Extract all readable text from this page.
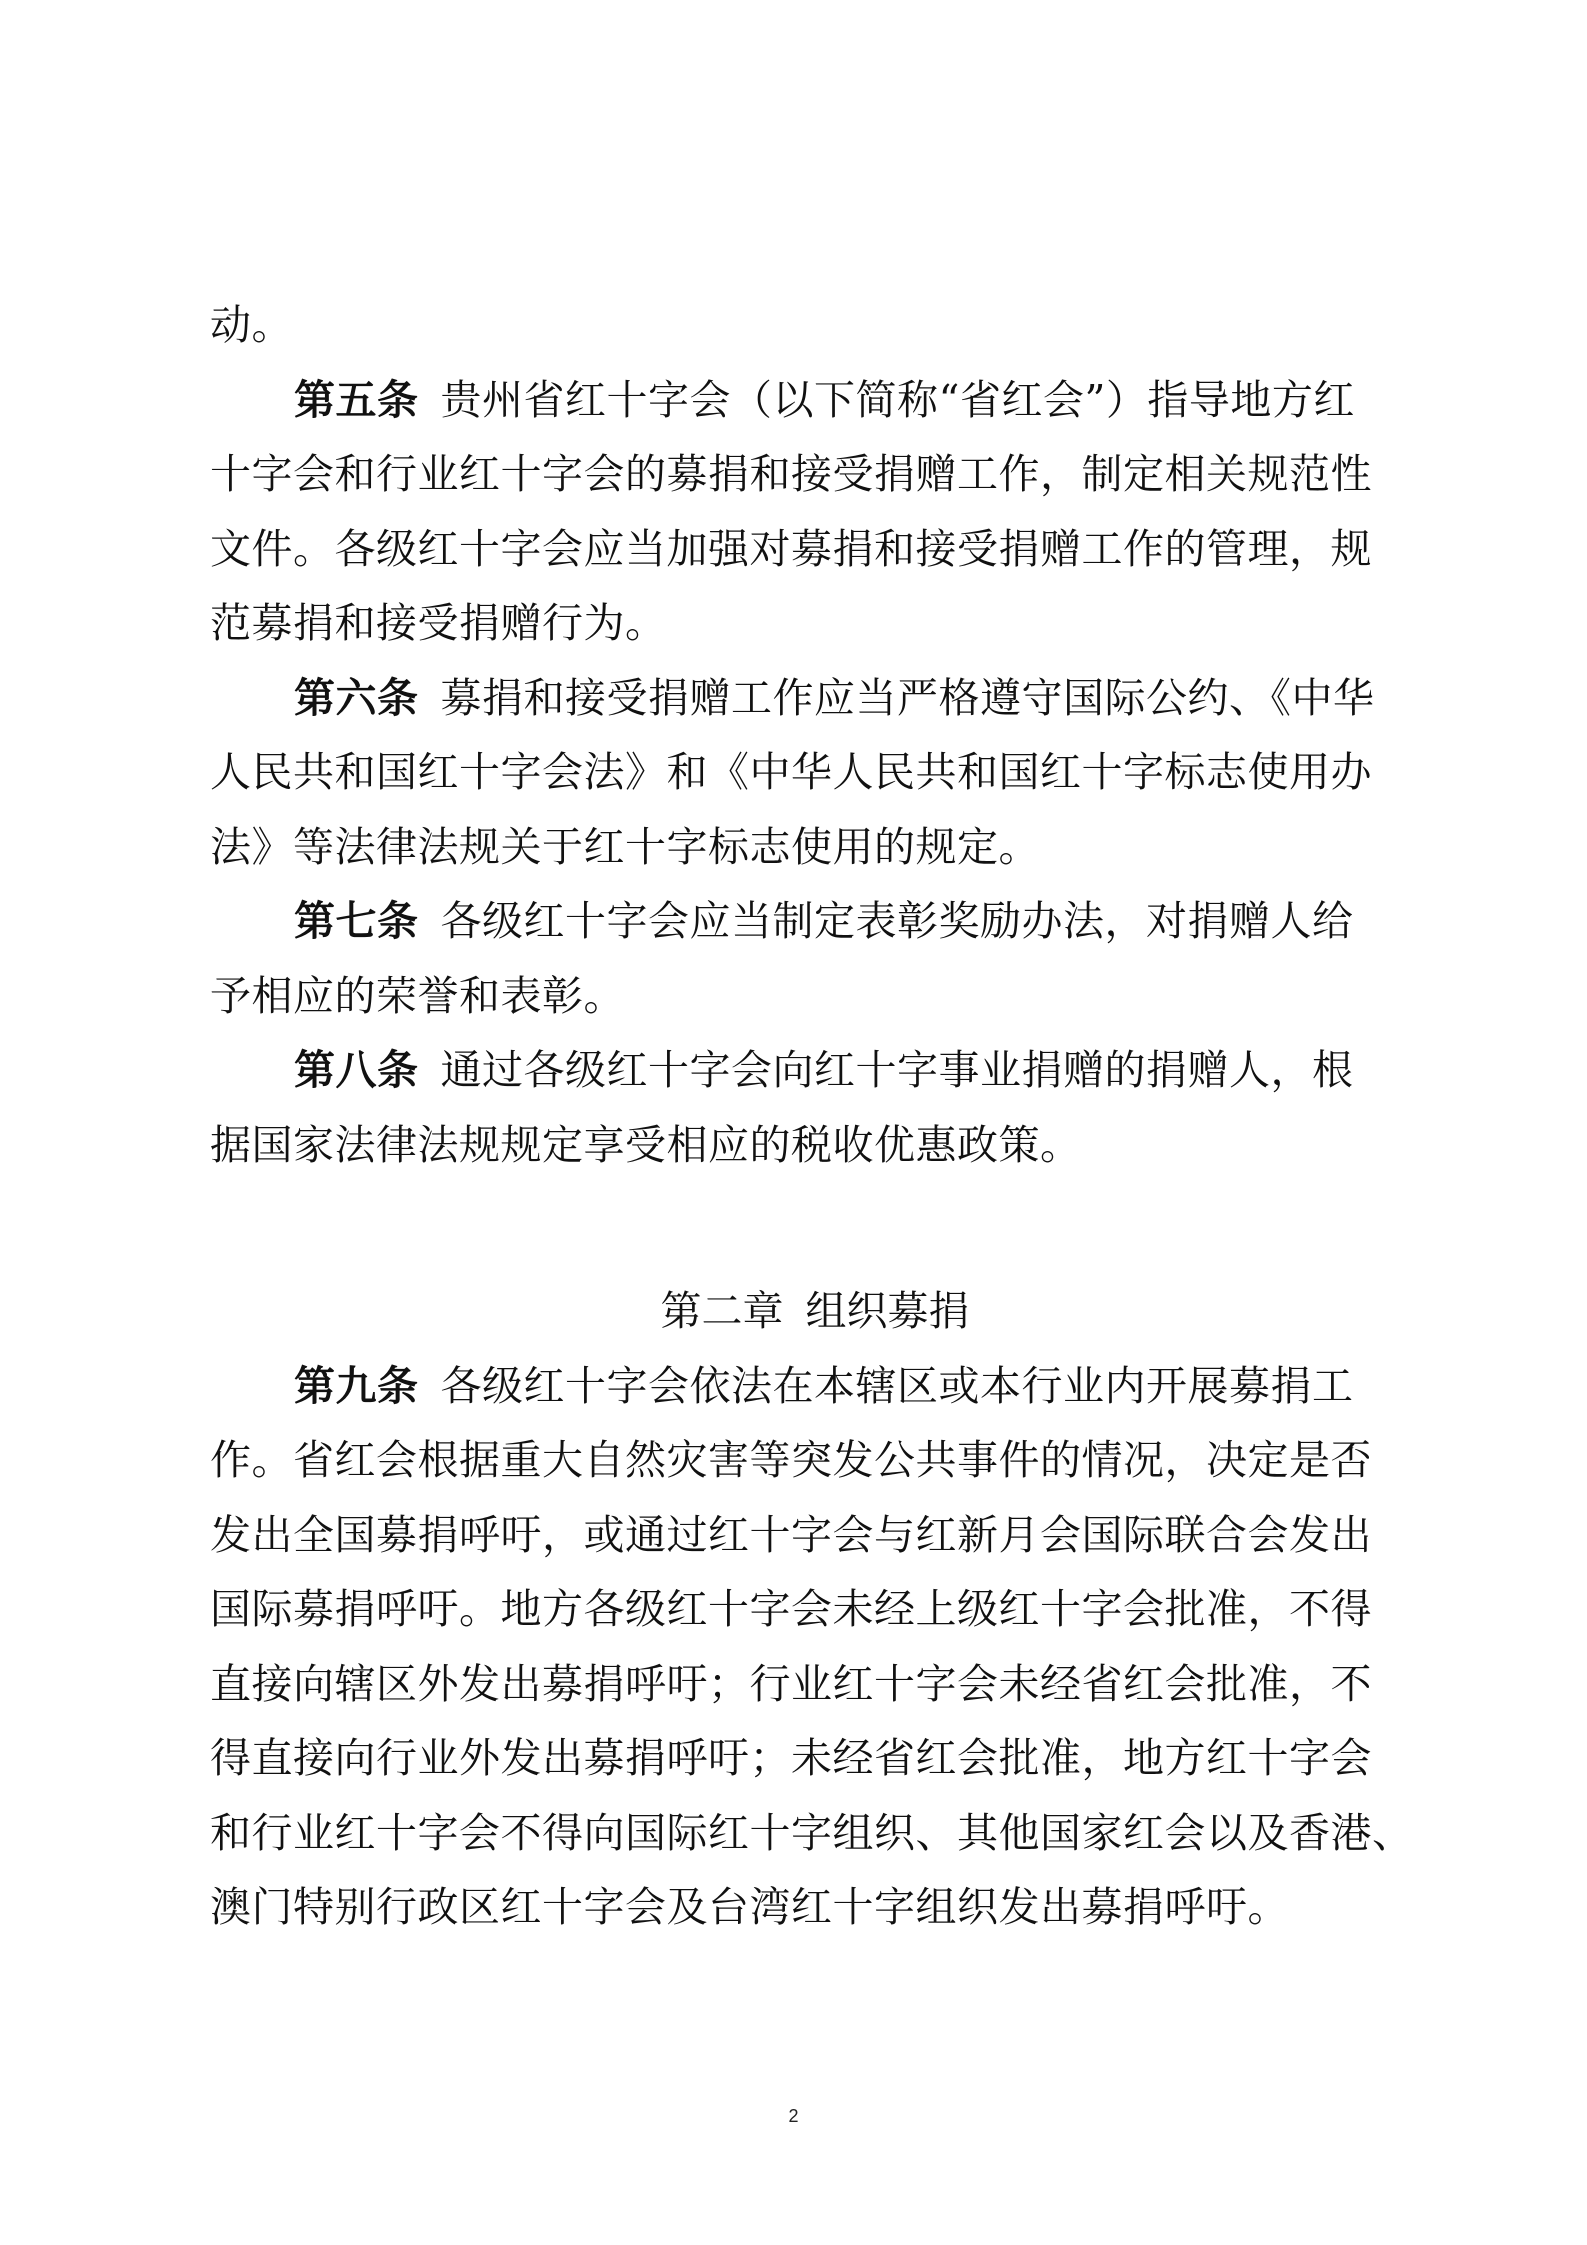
动。
第五条 贵州省红十字会（以下简称“省红会”）指导地方红
十字会和行业红十字会的募捐和接受捐赠工作，制定相关规范性
文件。各级红十字会应当加强对募捐和接受捐赠工作的管理，规
范募捐和接受捐赠行为。
第六条 募捐和接受捐赠工作应当严格遵守国际公约、《中华
人民共和国红十字会法》和《中华人民共和国红十字标志使用办
法》等法律法规关于红十字标志使用的规定。
第七条 各级红十字会应当制定表彰奖励办法，对捐赠人给
予相应的荣誉和表彰。
第八条 通过各级红十字会向红十字事业捐赠的捐赠人，根
据国家法律法规规定享受相应的税收优惠政策。
第二章 组织募捐
第九条 各级红十字会依法在本辖区或本行业内开展募捐工
作。省红会根据重大自然灾害等突发公共事件的情况，决定是否
发出全国募捐呼吁，或通过红十字会与红新月会国际联合会发出
国际募捐呼吁。地方各级红十字会未经上级红十字会批准，不得
直接向辖区外发出募捐呼吁；行业红十字会未经省红会批准，不
得直接向行业外发出募捐呼吁；未经省红会批准，地方红十字会
和行业红十字会不得向国际红十字组织、其他国家红会以及香港、
澳门特别行政区红十字会及台湾红十字组织发出募捐呼吁。
2
